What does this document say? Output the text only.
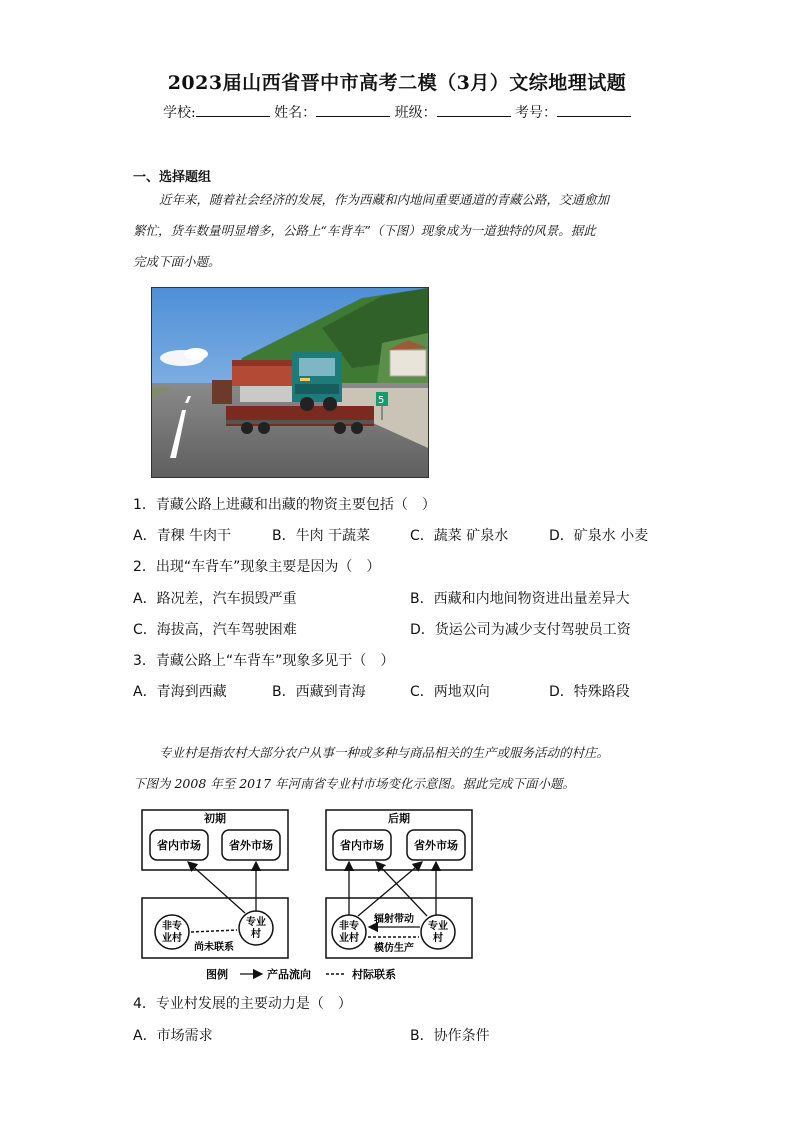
2023届山西省晋中市高考二模（3月）文综地理试题
学校:	姓名：	班级：	考号：
一、选择题组
近年来，随着社会经济的发展，作为西藏和内地间重要通道的青藏公路，交通愈加
繁忙，货车数量明显增多，公路上“车背车”（下图）现象成为一道独特的风景。据此
完成下面小题。
5
1．青藏公路上进藏和出藏的物资主要包括（　）
A．青稞 牛肉干	B．牛肉 干蔬菜	C．蔬菜 矿泉水	D．矿泉水 小麦
2．出现“车背车”现象主要是因为（　）
A．路况差，汽车损毁严重	B．西藏和内地间物资进出量差异大
C．海拔高，汽车驾驶困难	D．货运公司为减少支付驾驶员工资
3．青藏公路上“车背车”现象多见于（　）
A．青海到西藏	B．西藏到青海	C．两地双向	D．特殊路段
专业村是指农村大部分农户从事一种或多种与商品相关的生产或服务活动的村庄。
下图为 2008 年至 2017 年河南省专业村市场变化示意图。据此完成下面小题。
初期
省内市场	省外市场
非专
业村
专业
村
尚未联系
后期
省内市场	省外市场
非专
业村
专业
村
辐射带动
模仿生产
图例	产品流向	村际联系
4．专业村发展的主要动力是（　）
A．市场需求	B．协作条件
